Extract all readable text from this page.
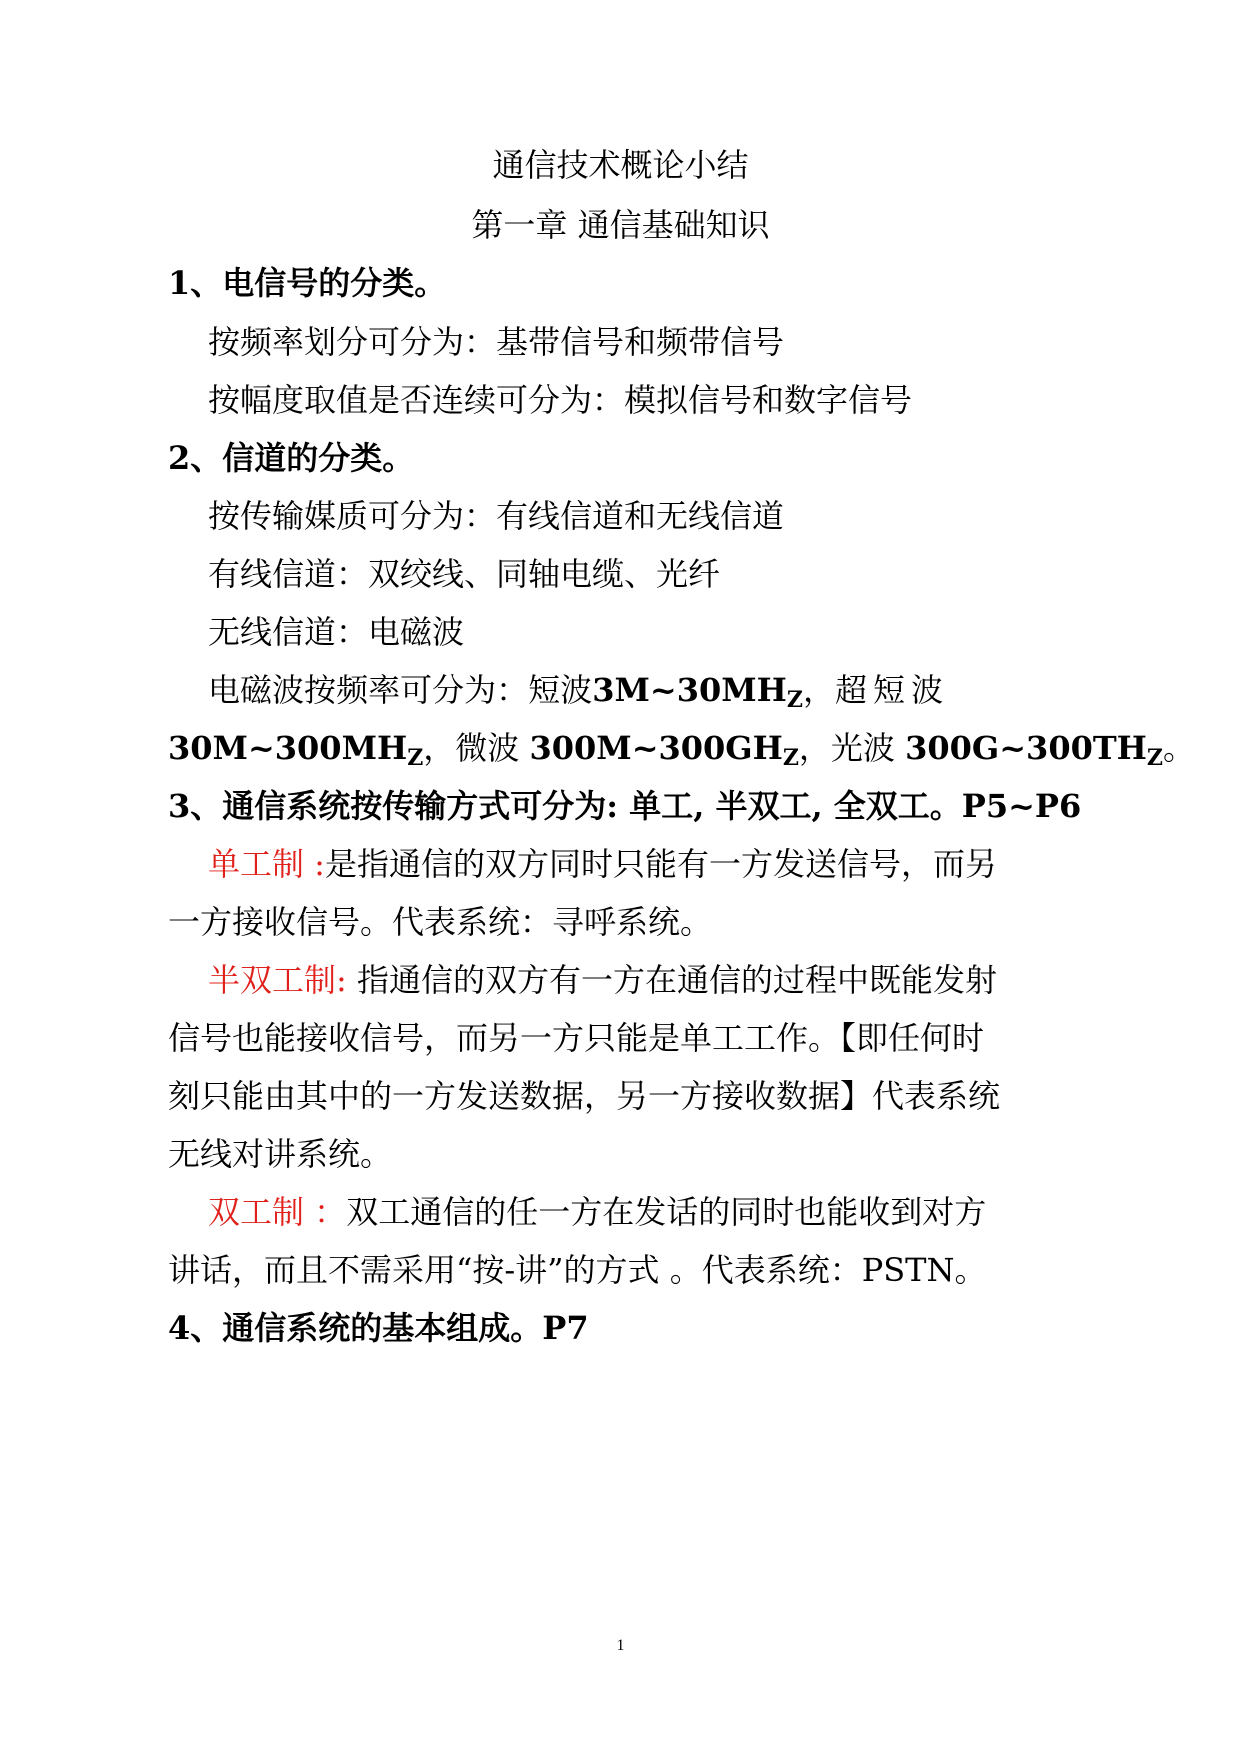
通信技术概论小结
第一章 通信基础知识
1、电信号的分类。
按频率划分可分为：基带信号和频带信号
按幅度取值是否连续可分为：模拟信号和数字信号
2、信道的分类。
按传输媒质可分为：有线信道和无线信道
有线信道：双绞线、同轴电缆、光纤
无线信道：电磁波
电 磁 波 按 频 率 可 分 为 ： 短 波 $3M\sim 30MH_Z$ ， 超短波
$30M\sim 300MH_Z$，微波 $300M\sim 300GH_Z$，光波 $300G\sim 300TH_Z$。
3、通信系统按传输方式可分为: 单工, 半双工, 全双工。P5~P6
单工制 :是指通信的双方同时只能有一方发送信号，而另
一方接收信号。代表系统：寻呼系统。
半双工制: 指通信的双方有一方在通信的过程中既能发射
信号也能接收信号，而另一方只能是单工工作。【即任何时
刻只能由其中的一方发送数据，另一方接收数据】代表系统
无线对讲系统。
双工制 ：双工通信的任一方在发话的同时也能收到对方
讲话，而且不需采用“按-讲”的方式 。代表系统：PSTN。
4、通信系统的基本组成。P7
1
